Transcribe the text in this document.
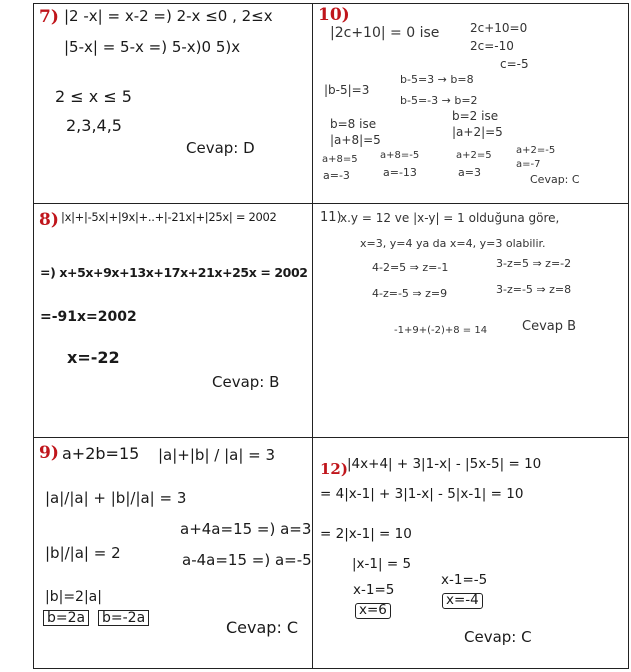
7) |2 -x| = x-2 =) 2-x ≤0 , 2≤x
|5-x| = 5-x =) 5-x)0 5)x
2 ≤ x ≤ 5
2,3,4,5
Cevap: D
10)
|2c+10| = 0 ise	2c+10=0
2c=-10
c=-5
|b-5|=3
b-5=3 → b=8
b-5=-3 → b=2
b=8 ise
b=2 ise
|a+8|=5
|a+2|=5
a+8=5 a+8=-5	a+2=5 a+2=-5
a=-3	a=-13	a=3
a=-7
Cevap: C
8) |x|+|-5x|+|9x|+..+|-21x|+|25x| = 2002
=) x+5x+9x+13x+17x+21x+25x = 2002
=-91x=2002
x=-22
Cevap: B
11)
x.y = 12 ve |x-y| = 1 olduğuna göre,
x=3, y=4 ya da x=4, y=3 olabilir.
4-2=5 ⇒ z=-1	3-z=5 ⇒ z=-2
4-z=-5 ⇒ z=9	3-z=-5 ⇒ z=8
-1+9+(-2)+8 = 14	Cevap B
9) a+2b=15 |a|+|b| / |a| = 3
|a|/|a| + |b|/|a| = 3
|b|/|a| = 2
a+4a=15 =) a=3
a-4a=15 =) a=-5
|b|=2|a|
b=2a b=-2a	Cevap: C
12) |4x+4| + 3|1-x| - |5x-5| = 10
= 4|x-1| + 3|1-x| - 5|x-1| = 10
= 2|x-1| = 10
|x-1| = 5
x-1=5
x-1=-5
x=6
x=-4
Cevap: C
